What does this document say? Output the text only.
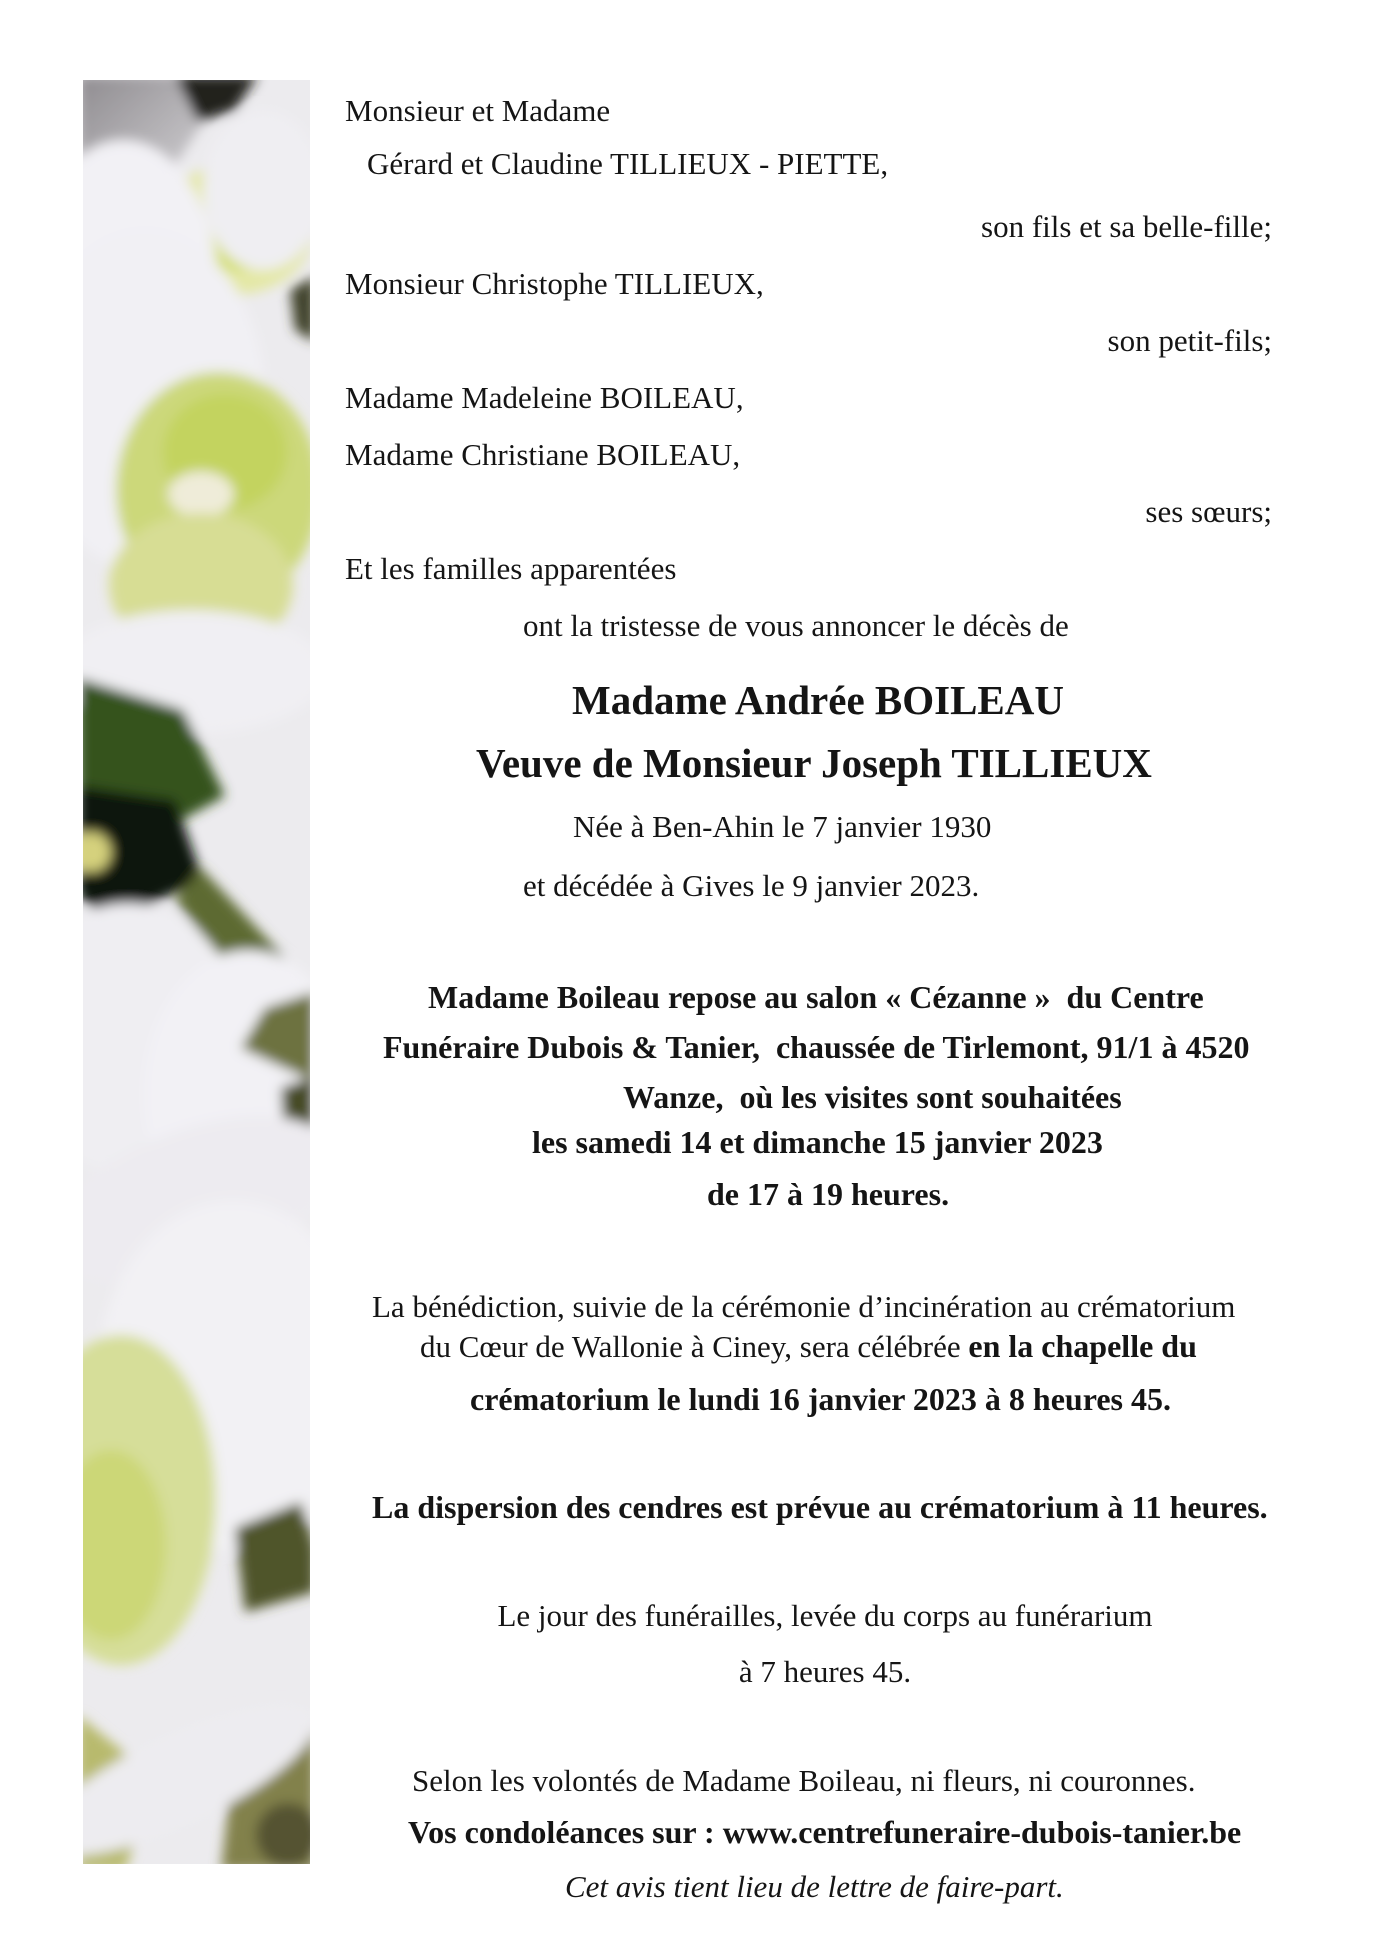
Monsieur et Madame
Gérard et Claudine TILLIEUX - PIETTE,
son fils et sa belle-fille;
Monsieur Christophe TILLIEUX,
son petit-fils;
Madame Madeleine BOILEAU,
Madame Christiane BOILEAU,
ses sœurs;
Et les familles apparentées
ont la tristesse de vous annoncer le décès de
Madame Andrée BOILEAU
Veuve de Monsieur Joseph TILLIEUX
Née à Ben-Ahin le 7 janvier 1930
et décédée à Gives le 9 janvier 2023.
Madame Boileau repose au salon « Cézanne »  du Centre
Funéraire Dubois & Tanier,  chaussée de Tirlemont, 91/1 à 4520
Wanze,  où les visites sont souhaitées
les samedi 14 et dimanche 15 janvier 2023
de 17 à 19 heures.
La bénédiction, suivie de la cérémonie d’incinération au crématorium
du Cœur de Wallonie à Ciney, sera célébrée en la chapelle du
crématorium le lundi 16 janvier 2023 à 8 heures 45.
La dispersion des cendres est prévue au crématorium à 11 heures.
Le jour des funérailles, levée du corps au funérarium
à 7 heures 45.
Selon les volontés de Madame Boileau, ni fleurs, ni couronnes.
Vos condoléances sur : www.centrefuneraire-dubois-tanier.be
Cet avis tient lieu de lettre de faire-part.
